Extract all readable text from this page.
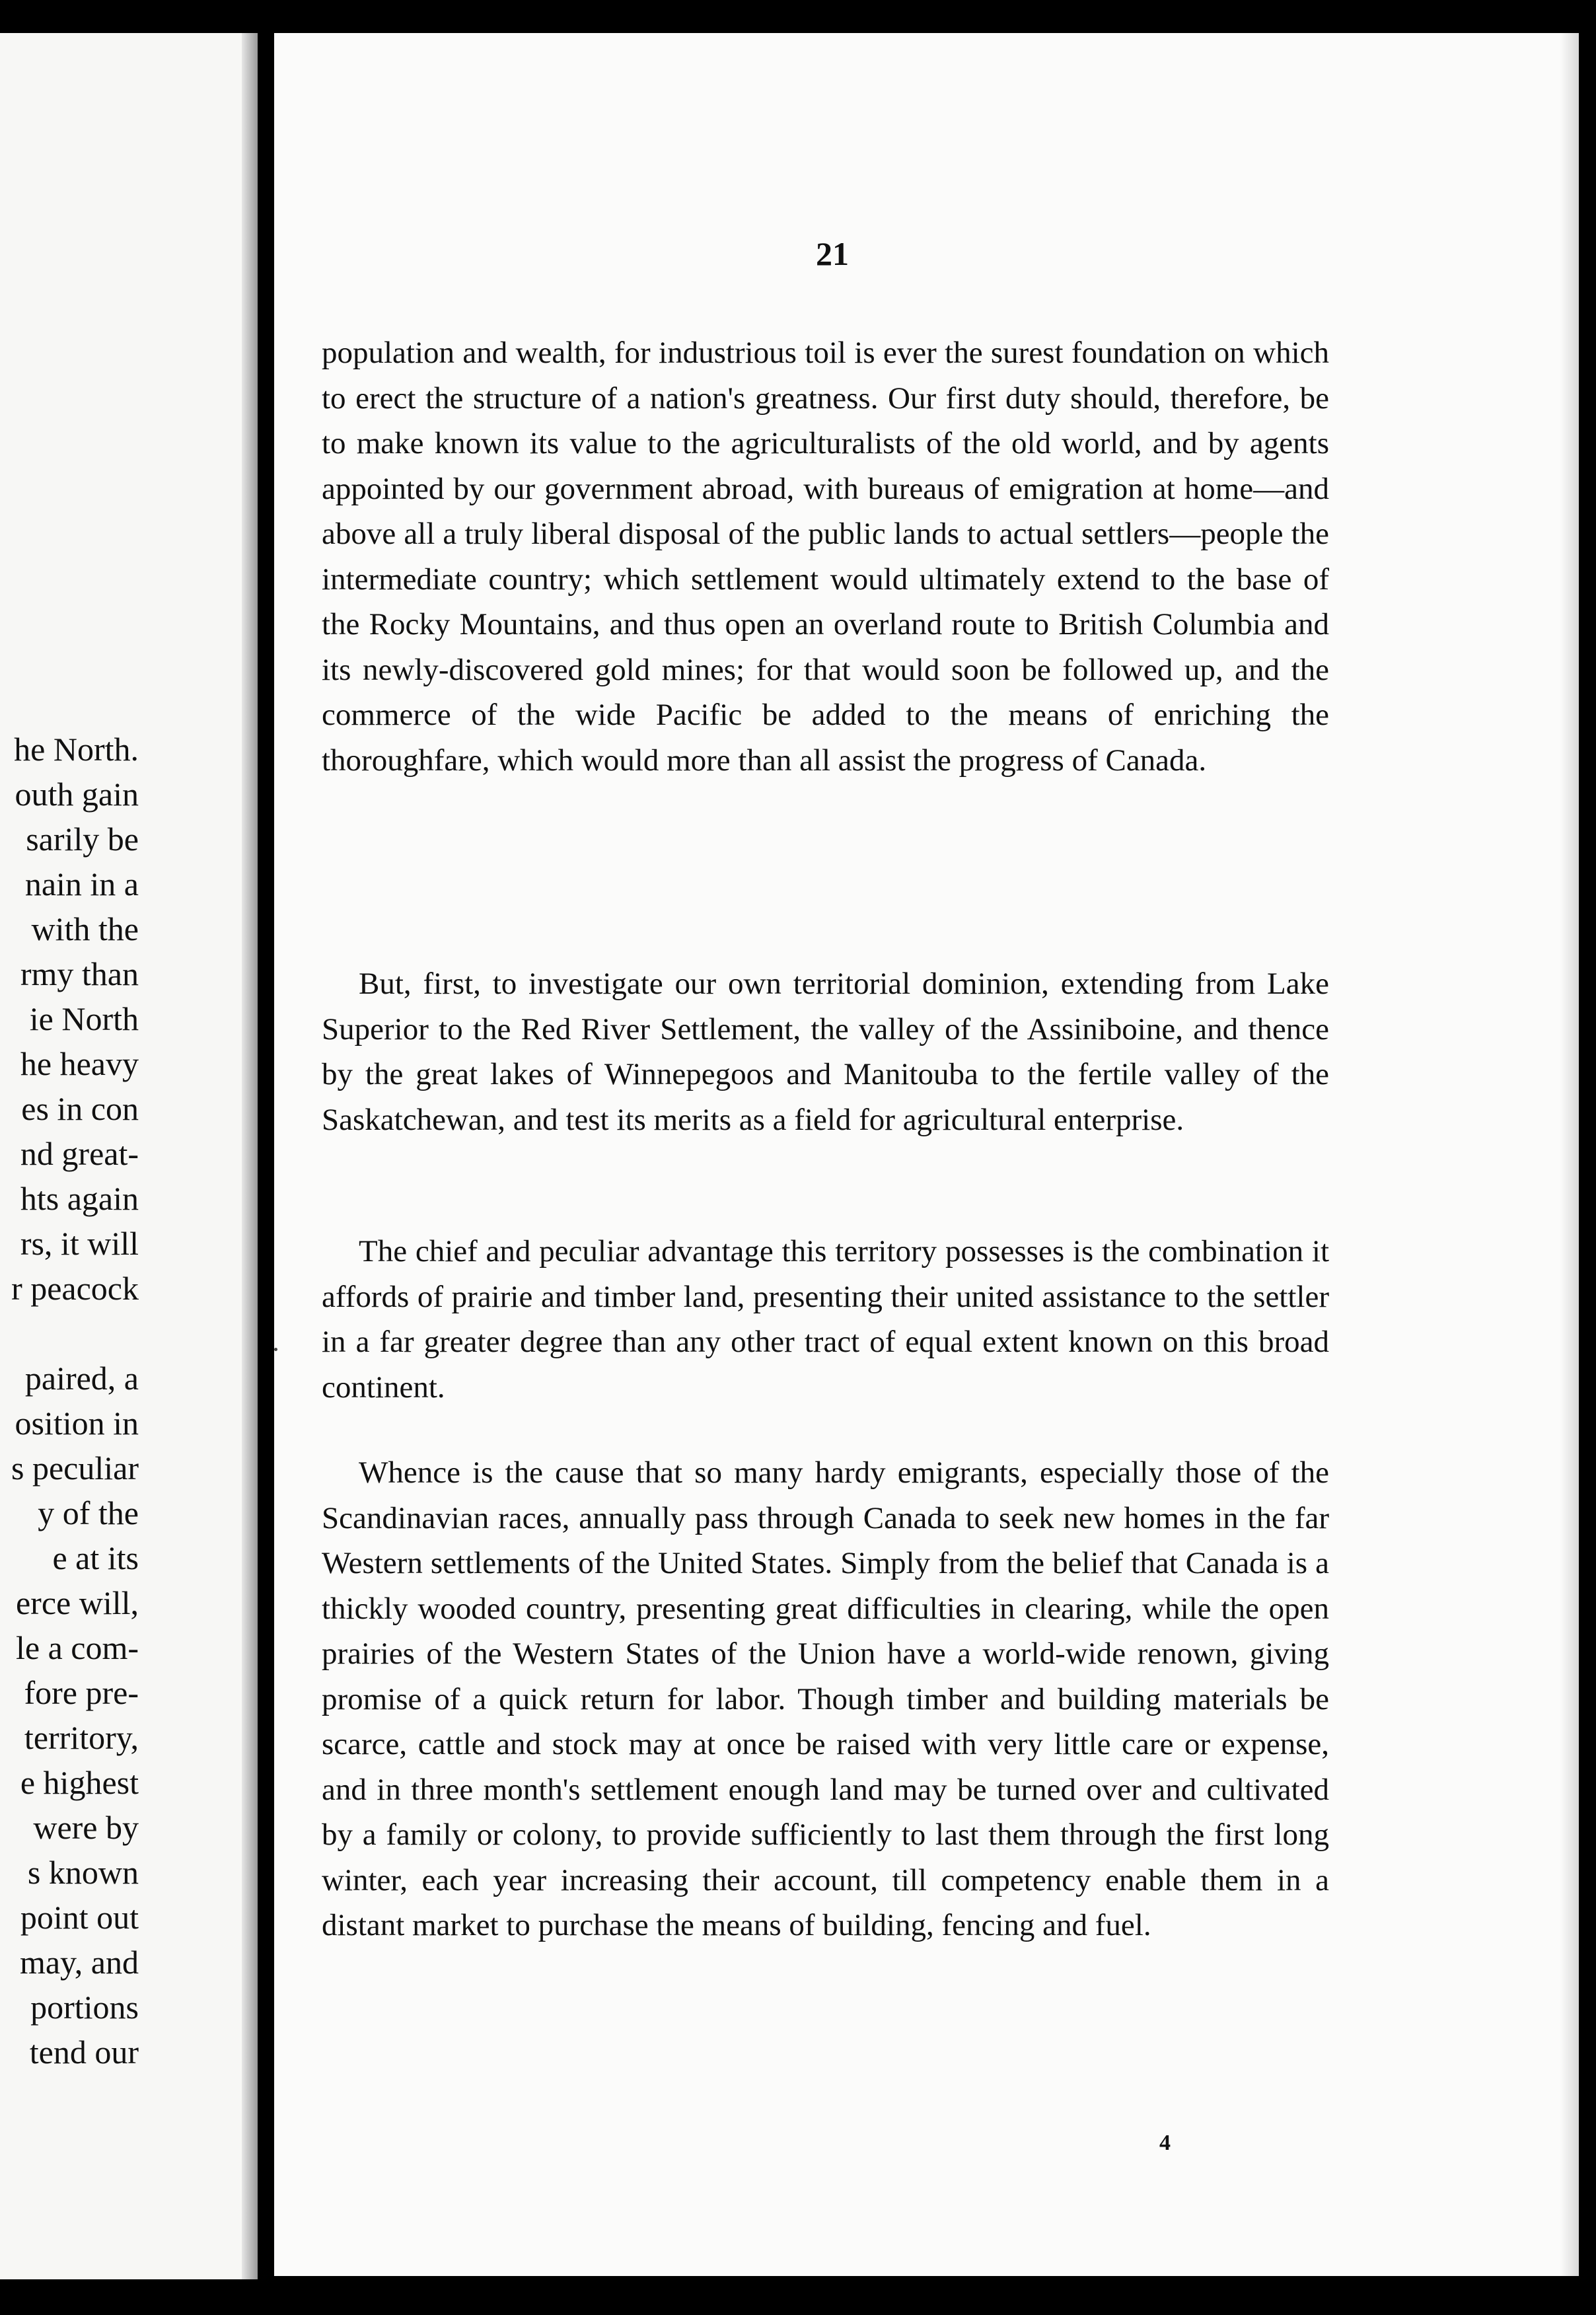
he North.
outh gain
sarily be
nain in a
with the
rmy than
ie North
he heavy
es in con
nd great-
hts again
rs, it will
r peacock
paired, a
osition in
s peculiar
y of the
e at its
erce will,
le a com-
fore pre-
territory,
e highest
were by
s known
point out
may, and
portions
tend our

21

population and wealth, for industrious toil is ever the surest foundation on which to erect the structure of a nation's greatness. Our first duty should, therefore, be to make known its value to the agriculturalists of the old world, and by agents appointed by our government abroad, with bureaus of emigration at home—and above all a truly liberal disposal of the public lands to actual settlers—people the intermediate country; which settlement would ultimately extend to the base of the Rocky Mountains, and thus open an overland route to British Columbia and its newly-discovered gold mines; for that would soon be followed up, and the commerce of the wide Pacific be added to the means of enriching the thoroughfare, which would more than all assist the progress of Canada.

But, first, to investigate our own territorial dominion, extending from Lake Superior to the Red River Settlement, the valley of the Assiniboine, and thence by the great lakes of Winnepegoos and Manitouba to the fertile valley of the Saskatchewan, and test its merits as a field for agricultural enterprise.

The chief and peculiar advantage this territory possesses is the combination it affords of prairie and timber land, presenting their united assistance to the settler in a far greater degree than any other tract of equal extent known on this broad continent.

Whence is the cause that so many hardy emigrants, especially those of the Scandinavian races, annually pass through Canada to seek new homes in the far Western settlements of the United States. Simply from the belief that Canada is a thickly wooded country, presenting great difficulties in clearing, while the open prairies of the Western States of the Union have a world-wide renown, giving promise of a quick return for labor. Though timber and building materials be scarce, cattle and stock may at once be raised with very little care or expense, and in three month's settlement enough land may be turned over and cultivated by a family or colony, to provide sufficiently to last them through the first long winter, each year increasing their account, till competency enable them in a distant market to purchase the means of building, fencing and fuel.

4
